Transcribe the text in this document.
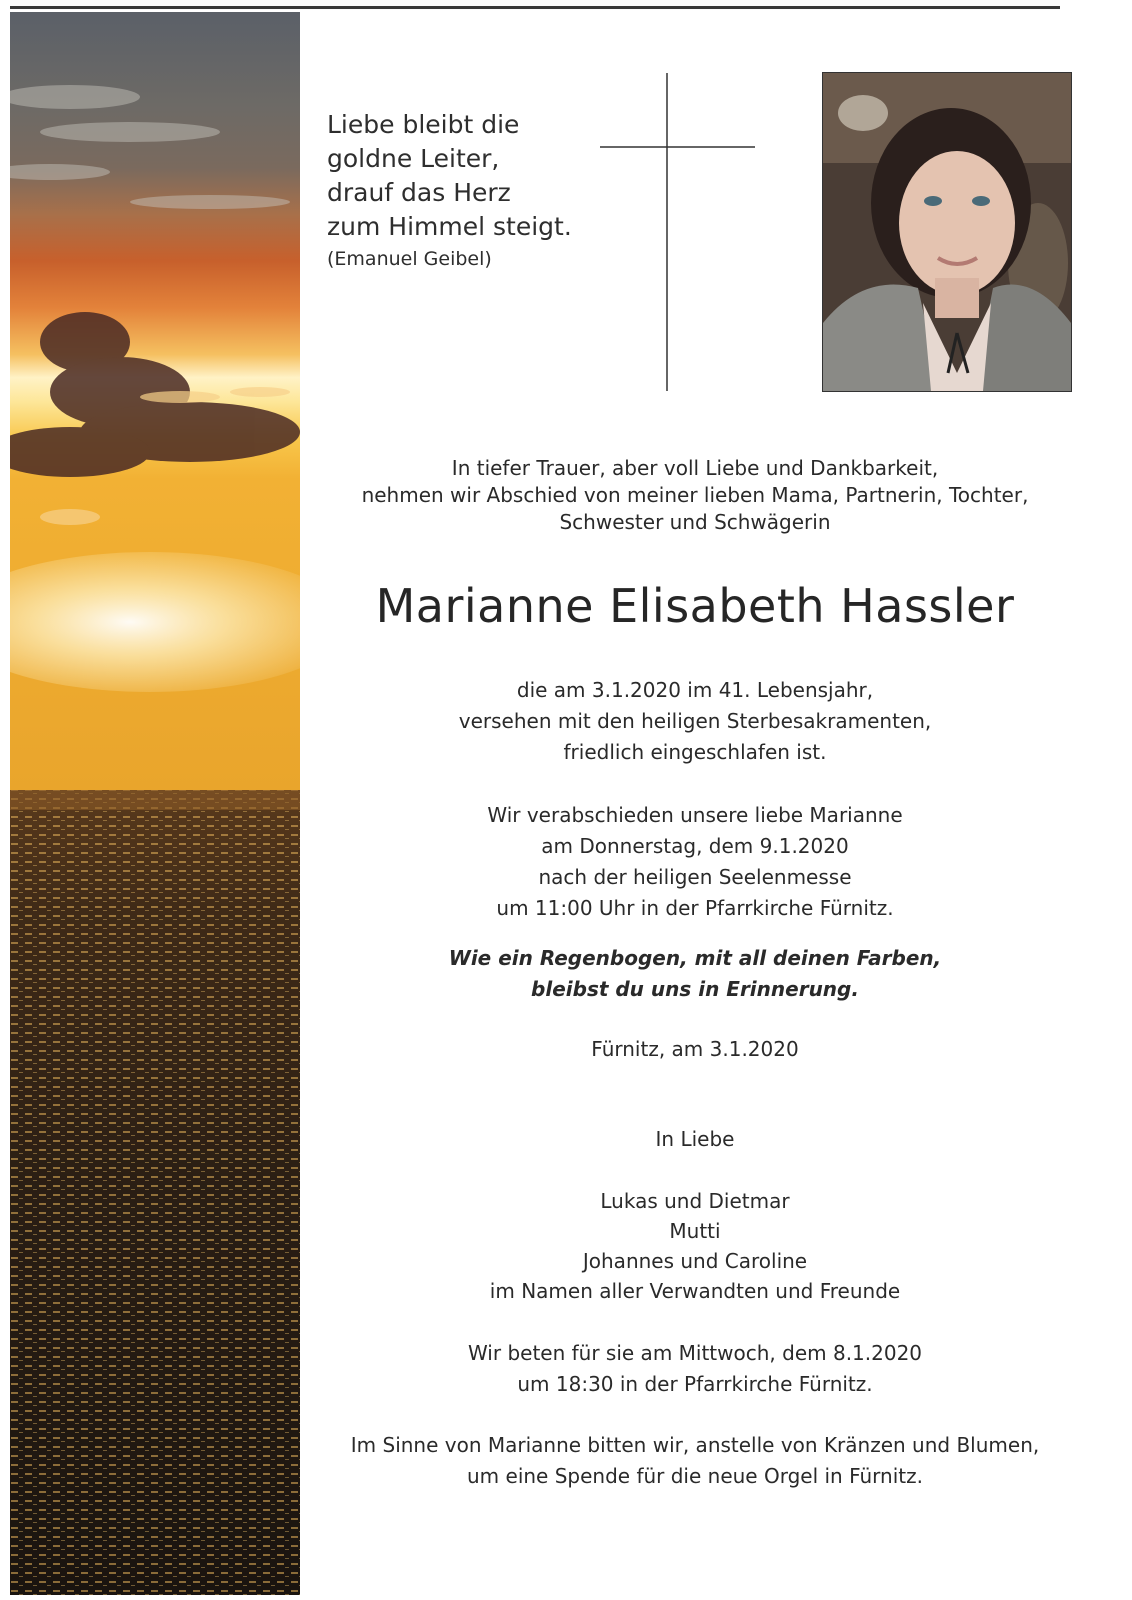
Liebe bleibt die
goldne Leiter,
drauf das Herz
zum Himmel steigt.
(Emanuel Geibel)
In tiefer Trauer, aber voll Liebe und Dankbarkeit,
nehmen wir Abschied von meiner lieben Mama, Partnerin, Tochter,
Schwester und Schwägerin
Marianne Elisabeth Hassler
die am 3.1.2020 im 41. Lebensjahr,
versehen mit den heiligen Sterbesakramenten,
friedlich eingeschlafen ist.
Wir verabschieden unsere liebe Marianne
am Donnerstag, dem 9.1.2020
nach der heiligen Seelenmesse
um 11:00 Uhr in der Pfarrkirche Fürnitz.
Wie ein Regenbogen, mit all deinen Farben,
bleibst du uns in Erinnerung.
Fürnitz, am 3.1.2020
In Liebe
Lukas und Dietmar
Mutti
Johannes und Caroline
im Namen aller Verwandten und Freunde
Wir beten für sie am Mittwoch, dem 8.1.2020
um 18:30 in der Pfarrkirche Fürnitz.
Im Sinne von Marianne bitten wir, anstelle von Kränzen und Blumen,
um eine Spende für die neue Orgel in Fürnitz.
